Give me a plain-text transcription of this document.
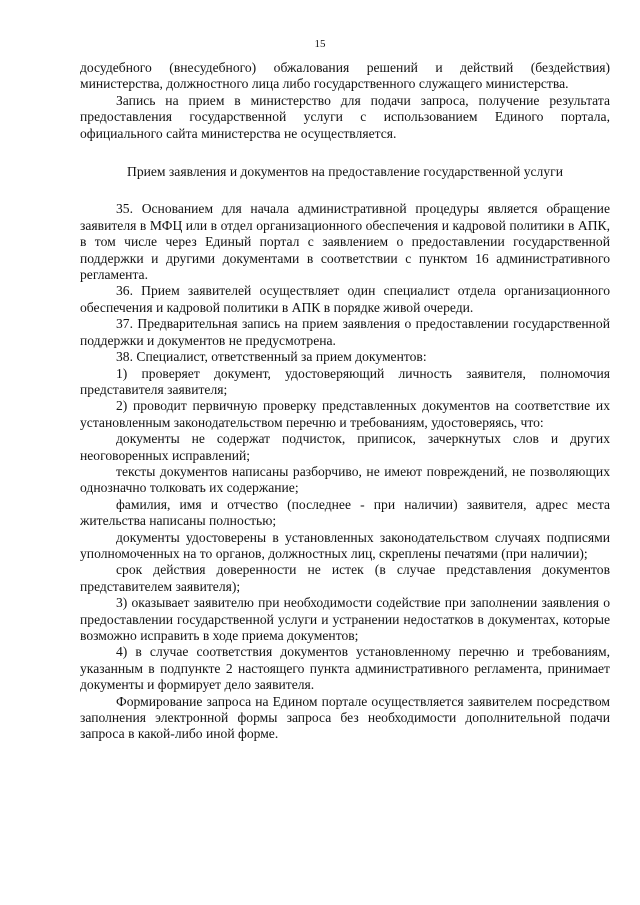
15

досудебного (внесудебного) обжалования решений и действий (бездействия) министерства, должностного лица либо государственного служащего министерства.

Запись на прием в министерство для подачи запроса, получение результата предоставления государственной услуги с использованием Единого портала, официального сайта министерства не осуществляется.

Прием заявления и документов на предоставление государственной услуги

35. Основанием для начала административной процедуры является обращение заявителя в МФЦ или в отдел организационного обеспечения и кадровой политики в АПК, в том числе через Единый портал с заявлением о предоставлении государственной поддержки и другими документами в соответствии с пунктом 16 административного регламента.

36. Прием заявителей осуществляет один специалист отдела организационного обеспечения и кадровой политики в АПК в порядке живой очереди.

37. Предварительная запись на прием заявления о предоставлении государственной поддержки и документов не предусмотрена.

38. Специалист, ответственный за прием документов:

1) проверяет документ, удостоверяющий личность заявителя, полномочия представителя заявителя;

2) проводит первичную проверку представленных документов на соответствие их установленным законодательством перечню и требованиям, удостоверяясь, что:

документы не содержат подчисток, приписок, зачеркнутых слов и других неоговоренных исправлений;

тексты документов написаны разборчиво, не имеют повреждений, не позволяющих однозначно толковать их содержание;

фамилия, имя и отчество (последнее - при наличии) заявителя, адрес места жительства написаны полностью;

документы удостоверены в установленных законодательством случаях подписями уполномоченных на то органов, должностных лиц, скреплены печатями (при наличии);

срок действия доверенности не истек (в случае представления документов представителем заявителя);

3) оказывает заявителю при необходимости содействие при заполнении заявления о предоставлении государственной услуги и устранении недостатков в документах, которые возможно исправить в ходе приема документов;

4) в случае соответствия документов установленному перечню и требованиям, указанным в подпункте 2 настоящего пункта административного регламента, принимает документы и формирует дело заявителя.

Формирование запроса на Едином портале осуществляется заявителем посредством заполнения электронной формы запроса без необходимости дополнительной подачи запроса в какой-либо иной форме.
